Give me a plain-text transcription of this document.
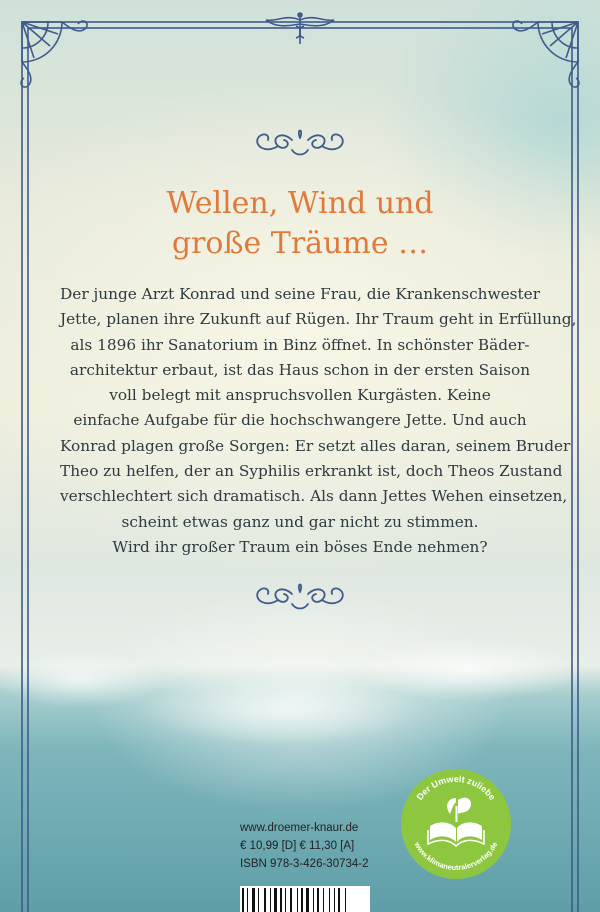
Wellen, Wind und
große Träume …
Der junge Arzt Konrad und seine Frau, die Krankenschwester
Jette, planen ihre Zukunft auf Rügen. Ihr Traum geht in Erfüllung,
als 1896 ihr Sanatorium in Binz öffnet. In schönster Bäder-
architektur erbaut, ist das Haus schon in der ersten Saison
voll belegt mit anspruchsvollen Kurgästen. Keine
einfache Aufgabe für die hochschwangere Jette. Und auch
Konrad plagen große Sorgen: Er setzt alles daran, seinem Bruder
Theo zu helfen, der an Syphilis erkrankt ist, doch Theos Zustand
verschlechtert sich dramatisch. Als dann Jettes Wehen einsetzen,
scheint etwas ganz und gar nicht zu stimmen.
Wird ihr großer Traum ein böses Ende nehmen?
www.droemer-knaur.de
€ 10,99 [D] € 11,30 [A]
ISBN 978-3-426-30734-2
Der Umwelt zuliebe
www.klimaneutralerverlag.de
